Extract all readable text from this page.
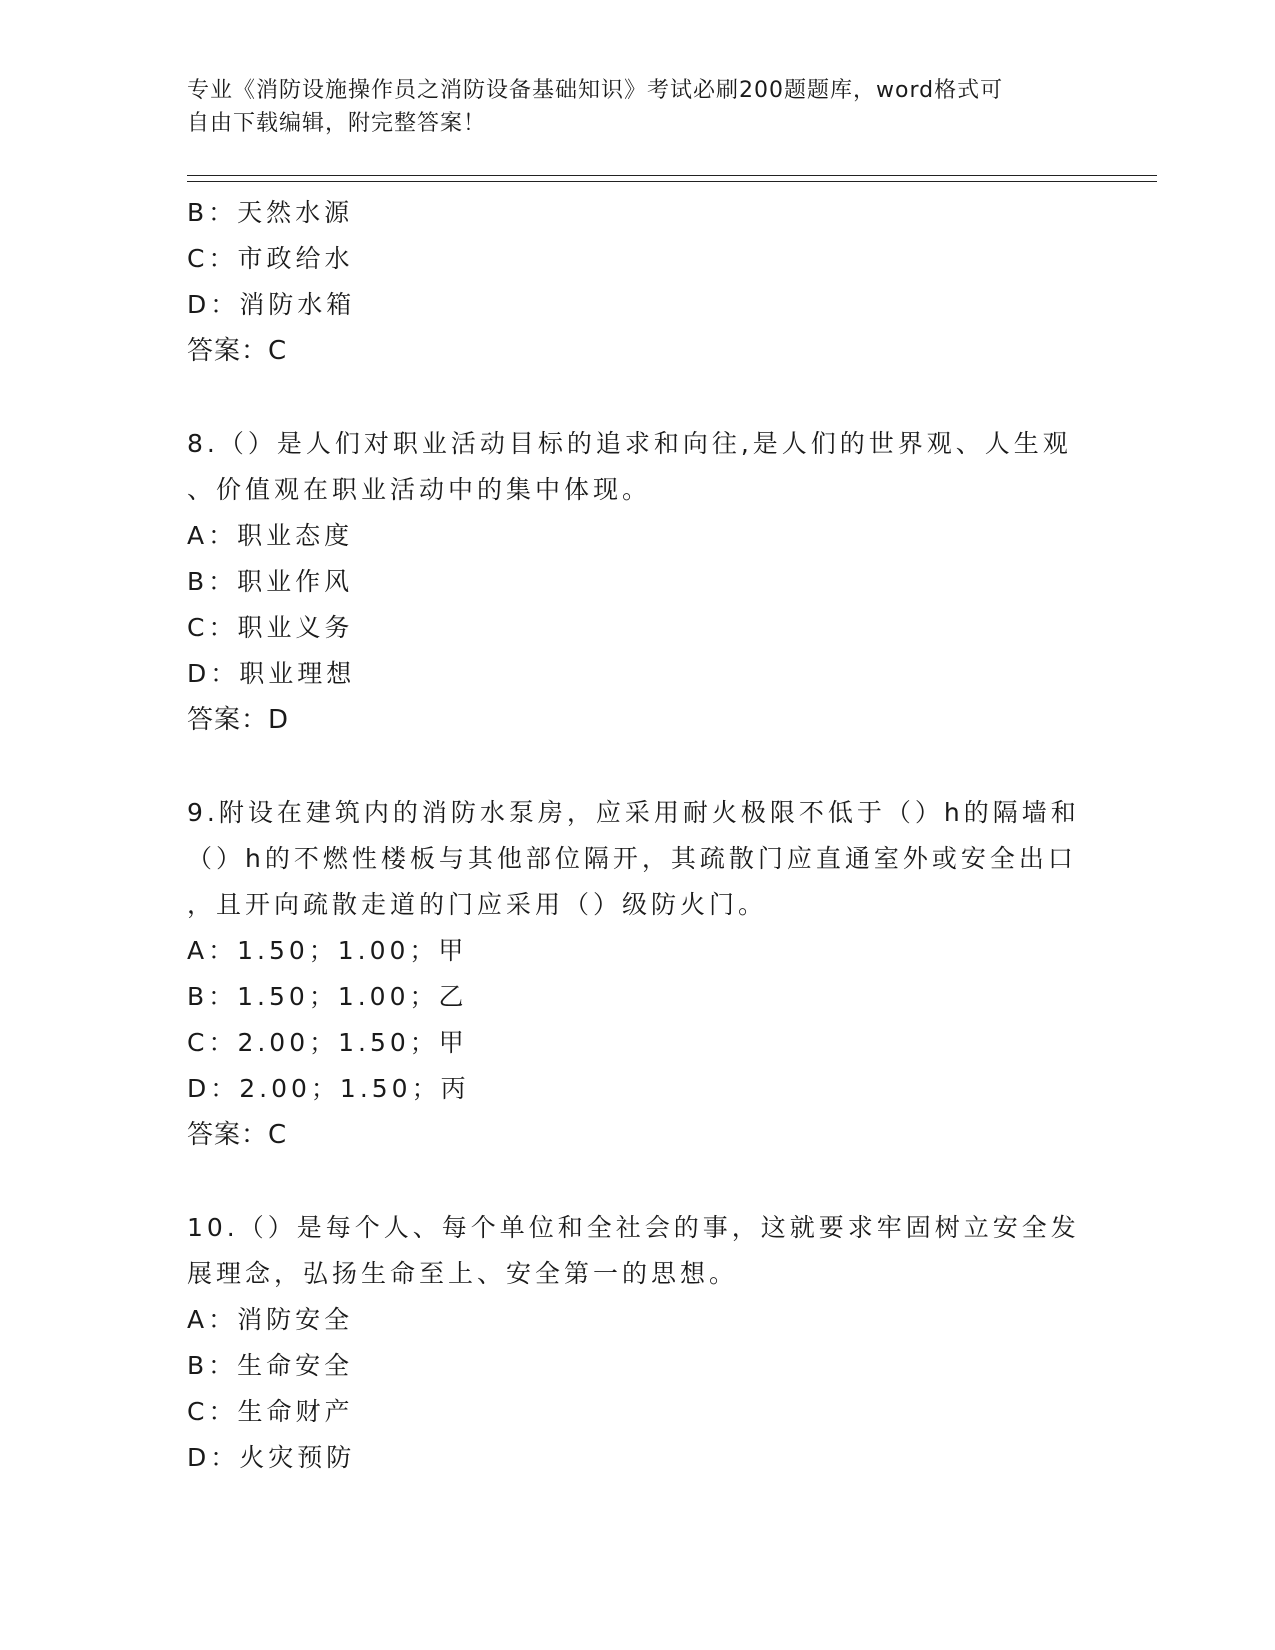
专业《消防设施操作员之消防设备基础知识》考试必刷200题题库，word格式可
自由下载编辑，附完整答案！
B：天然水源
C：市政给水
D：消防水箱
答案：C
8.（）是人们对职业活动目标的追求和向往,是人们的世界观、人生观
、价值观在职业活动中的集中体现。
A：职业态度
B：职业作风
C：职业义务
D：职业理想
答案：D
9.附设在建筑内的消防水泵房，应采用耐火极限不低于（）h的隔墙和
（）h的不燃性楼板与其他部位隔开，其疏散门应直通室外或安全出口
，且开向疏散走道的门应采用（）级防火门。
A：1.50；1.00；甲
B：1.50；1.00；乙
C：2.00；1.50；甲
D：2.00；1.50；丙
答案：C
10.（）是每个人、每个单位和全社会的事，这就要求牢固树立安全发
展理念，弘扬生命至上、安全第一的思想。
A：消防安全
B：生命安全
C：生命财产
D：火灾预防
